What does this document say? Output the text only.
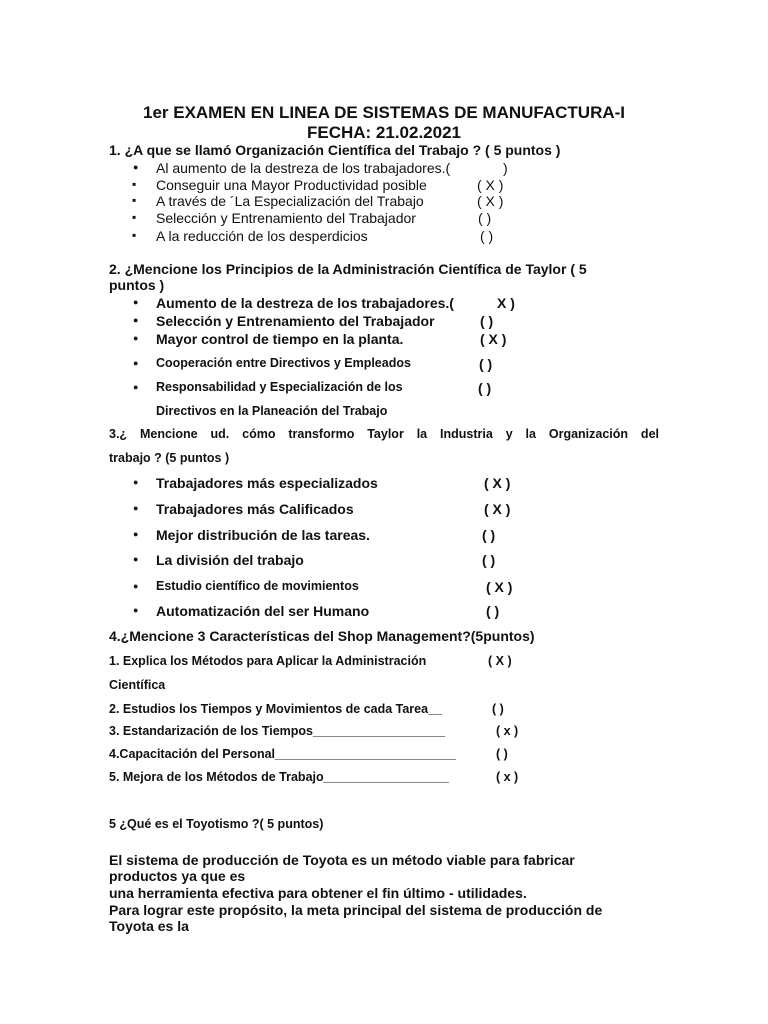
1er EXAMEN EN LINEA DE SISTEMAS DE MANUFACTURA-I
FECHA: 21.02.2021
1. ¿A que se llamó Organización Científica del Trabajo ? ( 5 puntos )
● Al aumento de la destreza de los trabajadores.(	)
▪ Conseguir una Mayor Productividad posible	( X )
▪ A través de ´La Especialización del Trabajo	( X )
▪ Selección y Entrenamiento del Trabajador	( )
▪ A la reducción de los desperdicios	( )
2. ¿Mencione los Principios de la Administración Científica de Taylor ( 5
puntos )
● Aumento de la destreza de los trabajadores.(	X )
● Selección y Entrenamiento del Trabajador	( )
● Mayor control de tiempo en la planta.	( X )
● Cooperación entre Directivos y Empleados	( )
● Responsabilidad y Especialización de los	( )
Directivos en la Planeación del Trabajo
3.¿ Mencione ud. cómo transformo Taylor la Industria y la Organización del
trabajo ? (5 puntos )
● Trabajadores más especializados	( X )
● Trabajadores más Calificados	( X )
● Mejor distribución de las tareas.	( )
● La división del trabajo	( )
● Estudio científico de movimientos	( X )
● Automatización del ser Humano	( )
4.¿Mencione 3 Características del Shop Management?(5puntos)
1. Explica los Métodos para Aplicar la Administración	( X )
Científica
2. Estudios los Tiempos y Movimientos de cada Tarea__	( )
3. Estandarización de los Tiempos___________________	( x )
4.Capacitación del Personal__________________________	( )
5. Mejora de los Métodos de Trabajo__________________	( x )
5 ¿Qué es el Toyotismo ?( 5 puntos)
El sistema de producción de Toyota es un método viable para fabricar
productos ya que es
una herramienta efectiva para obtener el fin último - utilidades.
Para lograr este propósito, la meta principal del sistema de producción de
Toyota es la
